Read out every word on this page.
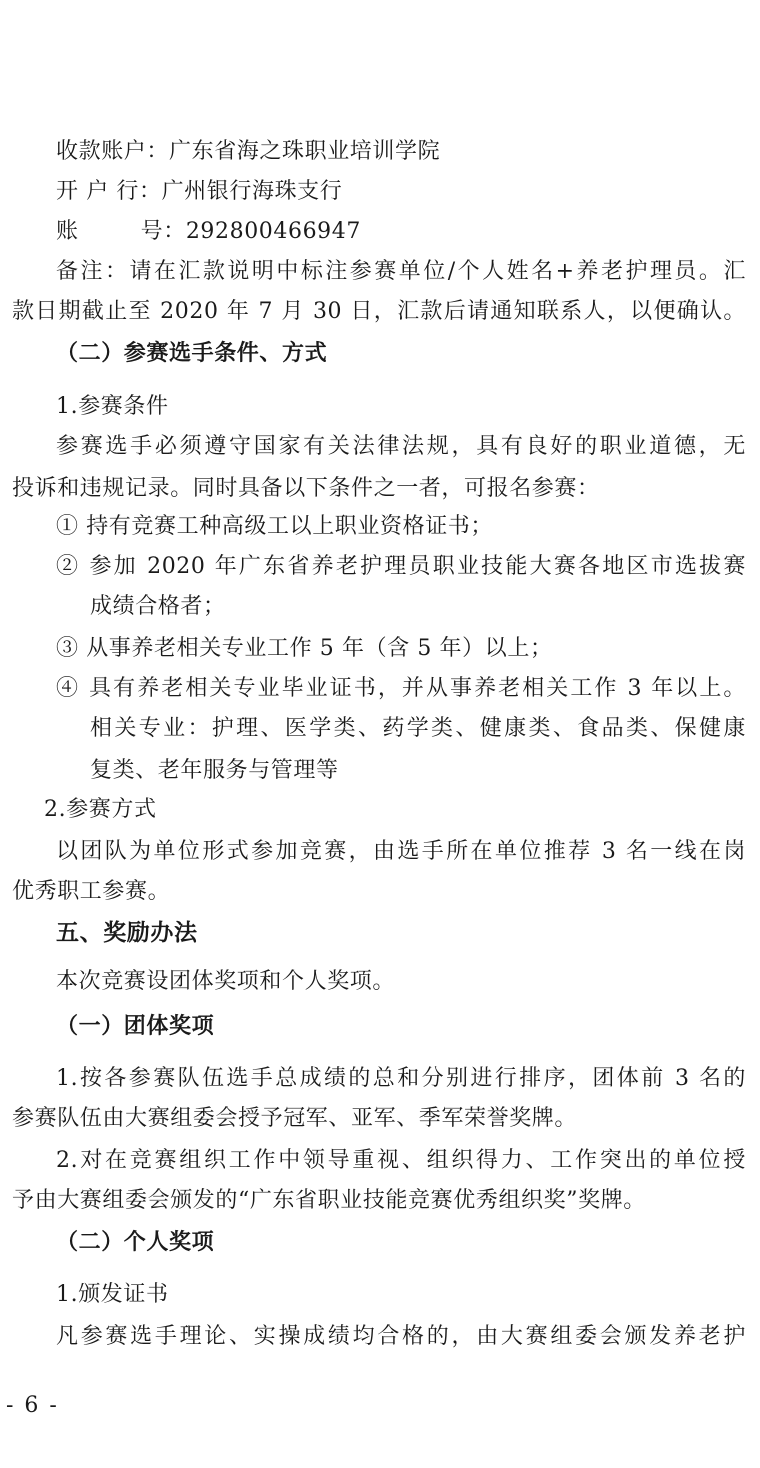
收款账户：广东省海之珠职业培训学院
开 户 行：广州银行海珠支行
账	号：292800466947
备注：请在汇款说明中标注参赛单位/个人姓名+养老护理员。汇
款日期截止至 2020 年 7 月 30 日，汇款后请通知联系人，以便确认。
（二）参赛选手条件、方式
1.参赛条件
参赛选手必须遵守国家有关法律法规，具有良好的职业道德，无
投诉和违规记录。同时具备以下条件之一者，可报名参赛：
① 持有竞赛工种高级工以上职业资格证书；
② 参加 2020 年广东省养老护理员职业技能大赛各地区市选拔赛
成绩合格者；
③ 从事养老相关专业工作 5 年（含 5 年）以上；
④ 具有养老相关专业毕业证书，并从事养老相关工作 3 年以上。
相关专业：护理、医学类、药学类、健康类、食品类、保健康
复类、老年服务与管理等
2.参赛方式
以团队为单位形式参加竞赛，由选手所在单位推荐 3 名一线在岗
优秀职工参赛。
五、奖励办法
本次竞赛设团体奖项和个人奖项。
（一）团体奖项
1.按各参赛队伍选手总成绩的总和分别进行排序，团体前 3 名的
参赛队伍由大赛组委会授予冠军、亚军、季军荣誉奖牌。
2.对在竞赛组织工作中领导重视、组织得力、工作突出的单位授
予由大赛组委会颁发的“广东省职业技能竞赛优秀组织奖”奖牌。
（二）个人奖项
1.颁发证书
凡参赛选手理论、实操成绩均合格的，由大赛组委会颁发养老护
- 6 -
